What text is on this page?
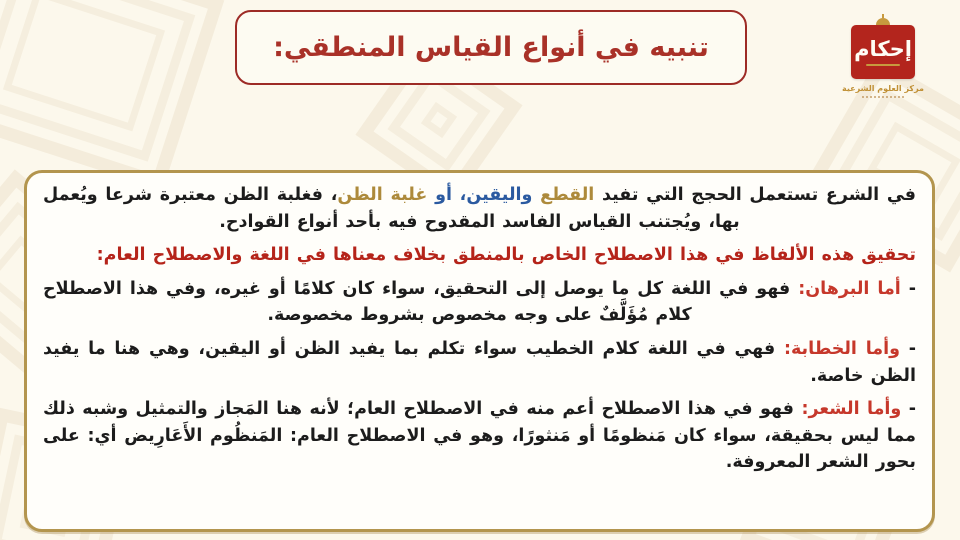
تنبيه في أنواع القياس المنطقي:	إحكام
مركز العلوم الشرعية
في الشرع تستعمل الحجج التي تفيد القطع واليقين، أو غلبة الظن، فغلبة الظن معتبرة شرعا ويُعمل بها، ويُجتنب القياس الفاسد المقدوح فيه بأحد أنواع القوادح.
تحقيق هذه الألفاظ في هذا الاصطلاح الخاص بالمنطق بخلاف معناها في اللغة والاصطلاح العام:
- أما البرهان: فهو في اللغة كل ما يوصل إلى التحقيق، سواء كان كلامًا أو غيره، وفي هذا الاصطلاح كلام مُؤَلَّفٌ على وجه مخصوص بشروط مخصوصة.
- وأما الخطابة: فهي في اللغة كلام الخطيب سواء تكلم بما يفيد الظن أو اليقين، وهي هنا ما يفيد الظن خاصة.
- وأما الشعر: فهو في هذا الاصطلاح أعم منه في الاصطلاح العام؛ لأنه هنا المَجاز والتمثيل وشبه ذلك مما ليس بحقيقة، سواء كان مَنظومًا أو مَنثورًا، وهو في الاصطلاح العام: المَنظُوم الأَعَارِيض أي: على بحور الشعر المعروفة.
